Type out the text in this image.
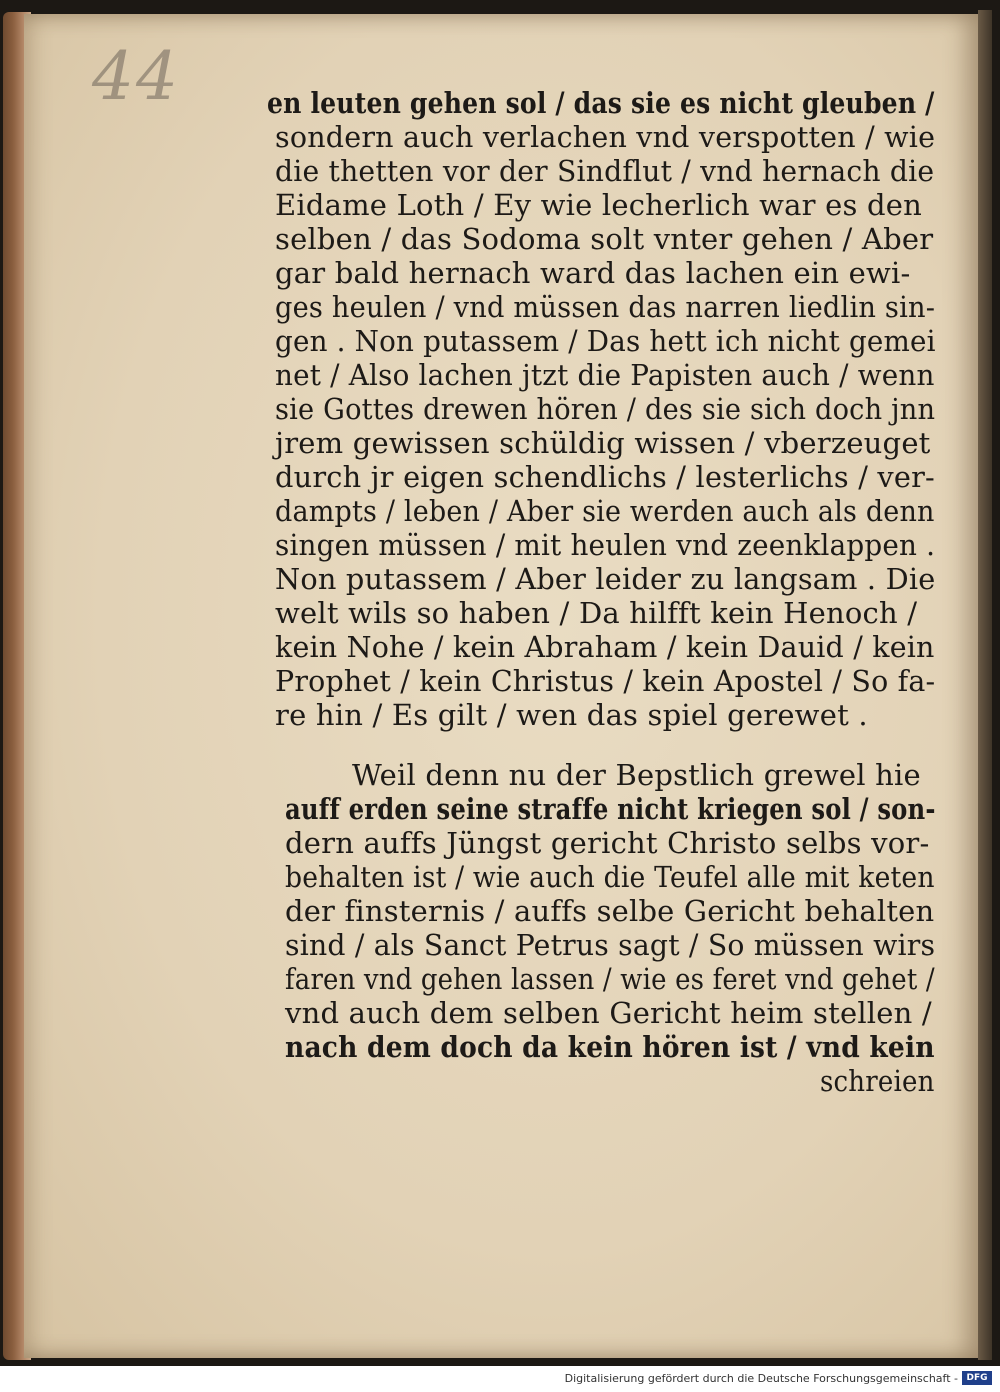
44	en leuten gehen sol / das sie es nicht gleuben /
sondern auch verlachen vnd verspotten / wie
die thetten vor der Sindflut / vnd hernach die
Eidame Loth / Ey wie lecherlich war es den
selben / das Sodoma solt vnter gehen / Aber
gar bald hernach ward das lachen ein ewi-
ges heulen / vnd müssen das narren liedlin sin-
gen . Non putassem / Das hett ich nicht gemei
net / Also lachen jtzt die Papisten auch / wenn
sie Gottes drewen hören / des sie sich doch jnn
jrem gewissen schüldig wissen / vberzeuget
durch jr eigen schendlichs / lesterlichs / ver-
dampts / leben / Aber sie werden auch als denn
singen müssen / mit heulen vnd zeenklappen .
Non putassem / Aber leider zu langsam . Die
welt wils so haben / Da hilfft kein Henoch /
kein Nohe / kein Abraham / kein Dauid / kein
Prophet / kein Christus / kein Apostel / So fa-
re hin / Es gilt / wen das spiel gerewet .
Weil denn nu der Bepstlich grewel hie
auff erden seine straffe nicht kriegen sol / son-
dern auffs Jüngst gericht Christo selbs vor-
behalten ist / wie auch die Teufel alle mit keten
der finsternis / auffs selbe Gericht behalten
sind / als Sanct Petrus sagt / So müssen wirs
faren vnd gehen lassen / wie es feret vnd gehet /
vnd auch dem selben Gericht heim stellen /
nach dem doch da kein hören ist / vnd kein
schreien
Digitalisierung gefördert durch die Deutsche Forschungsgemeinschaft - DFG
